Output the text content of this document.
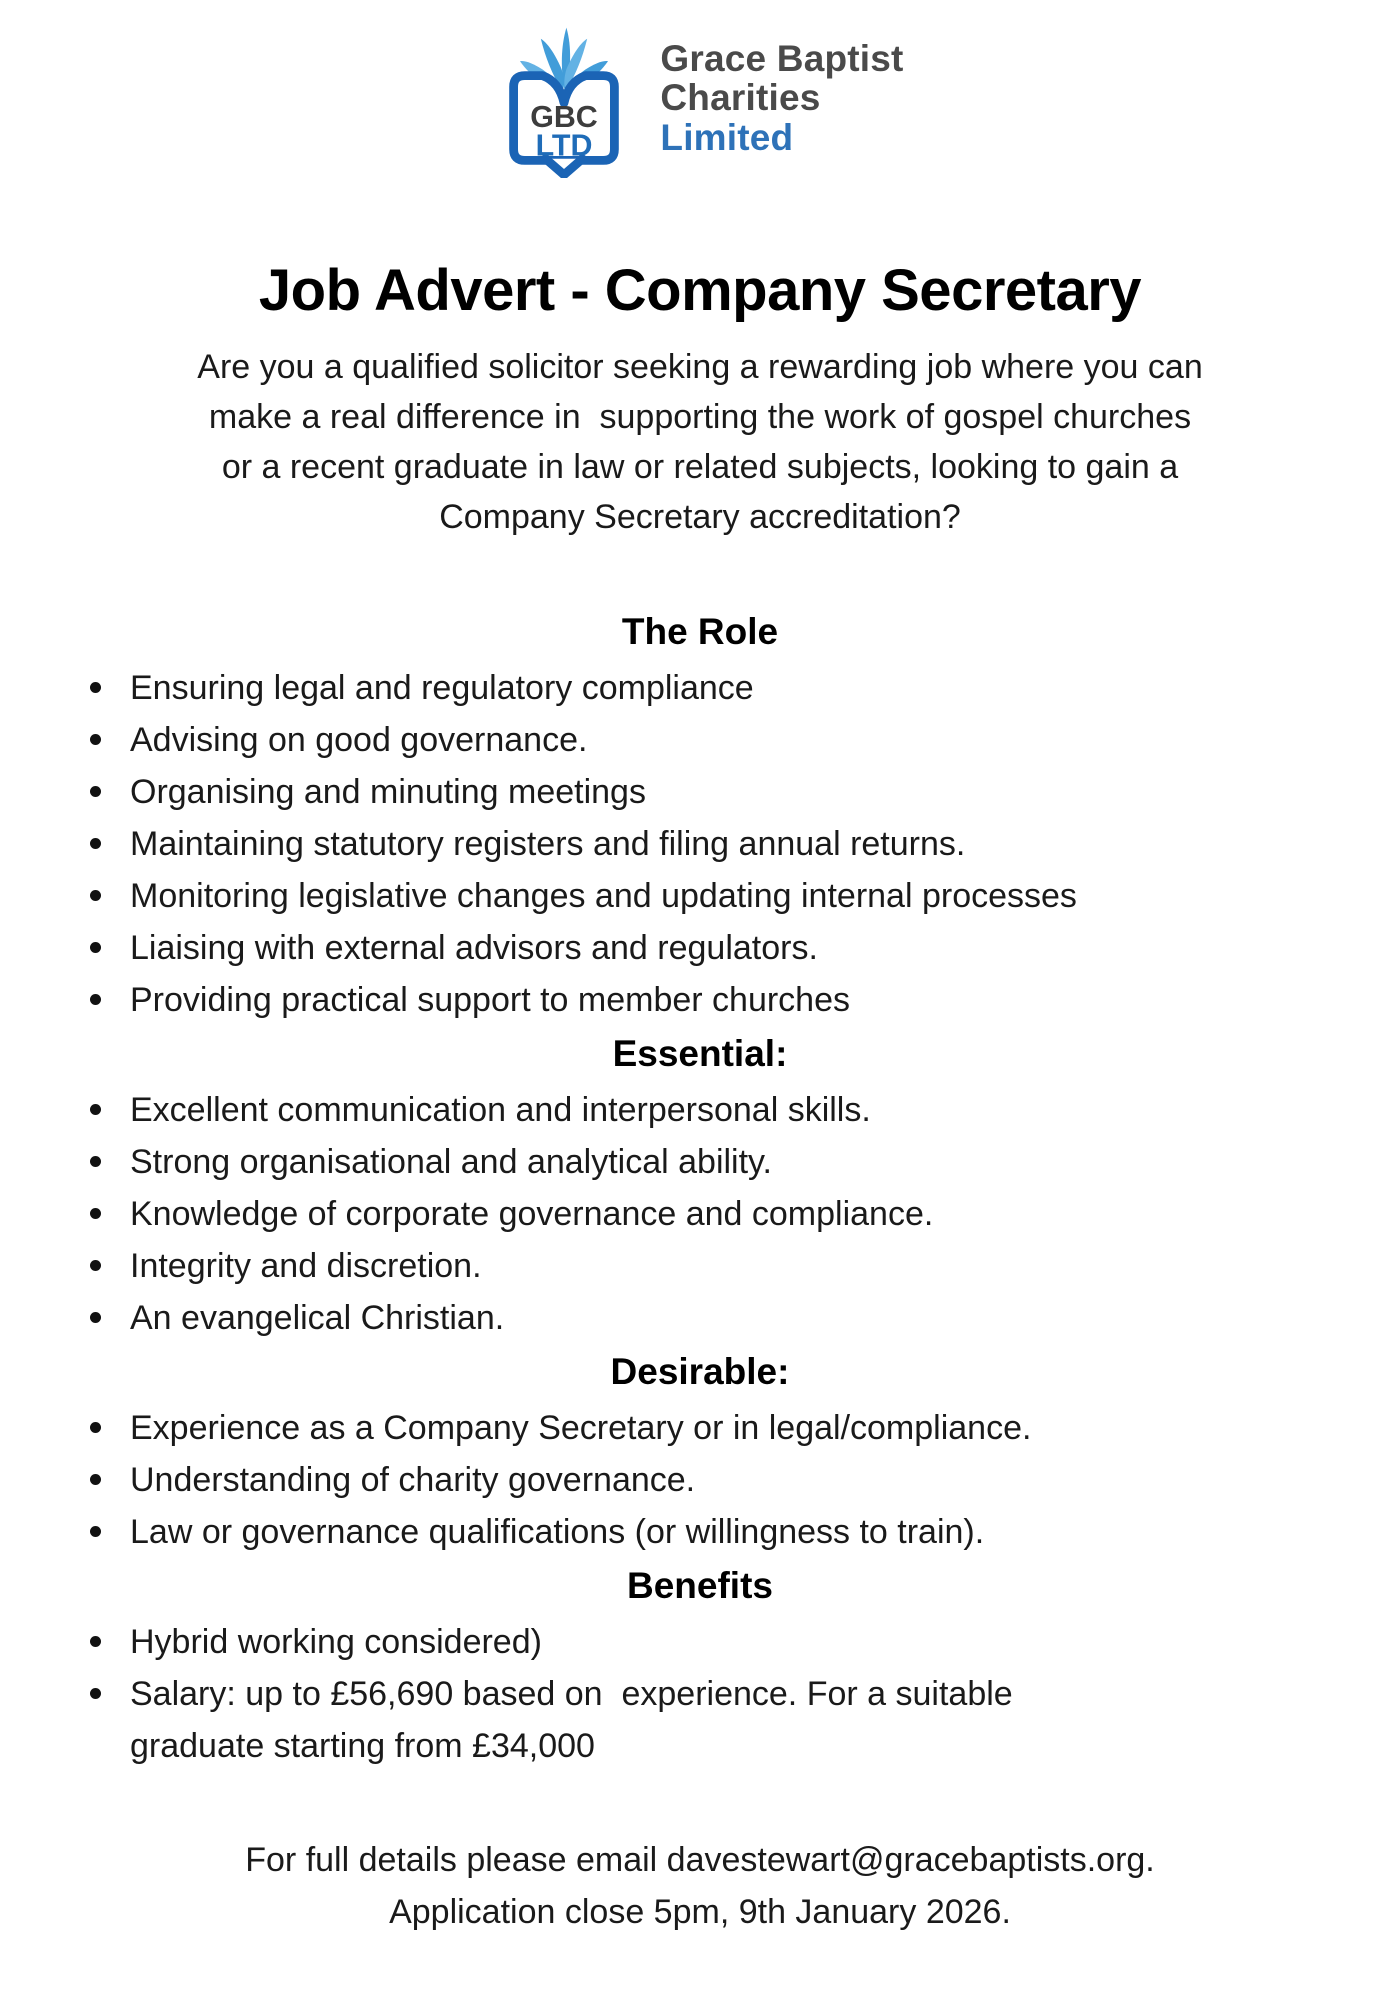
GBC
LTD
Grace Baptist
Charities
Limited
Job Advert - Company Secretary
Are you a qualified solicitor seeking a rewarding job where you can
make a real difference in  supporting the work of gospel churches
or a recent graduate in law or related subjects, looking to gain a
Company Secretary accreditation?
The Role
Ensuring legal and regulatory compliance
Advising on good governance.
Organising and minuting meetings
Maintaining statutory registers and filing annual returns.
Monitoring legislative changes and updating internal processes
Liaising with external advisors and regulators.
Providing practical support to member churches
Essential:
Excellent communication and interpersonal skills.
Strong organisational and analytical ability.
Knowledge of corporate governance and compliance.
Integrity and discretion.
An evangelical Christian.
Desirable:
Experience as a Company Secretary or in legal/compliance.
Understanding of charity governance.
Law or governance qualifications (or willingness to train).
Benefits
Hybrid working considered)
Salary: up to £56,690 based on  experience. For a suitable
graduate starting from £34,000
For full details please email davestewart@gracebaptists.org.
Application close 5pm, 9th January 2026.
